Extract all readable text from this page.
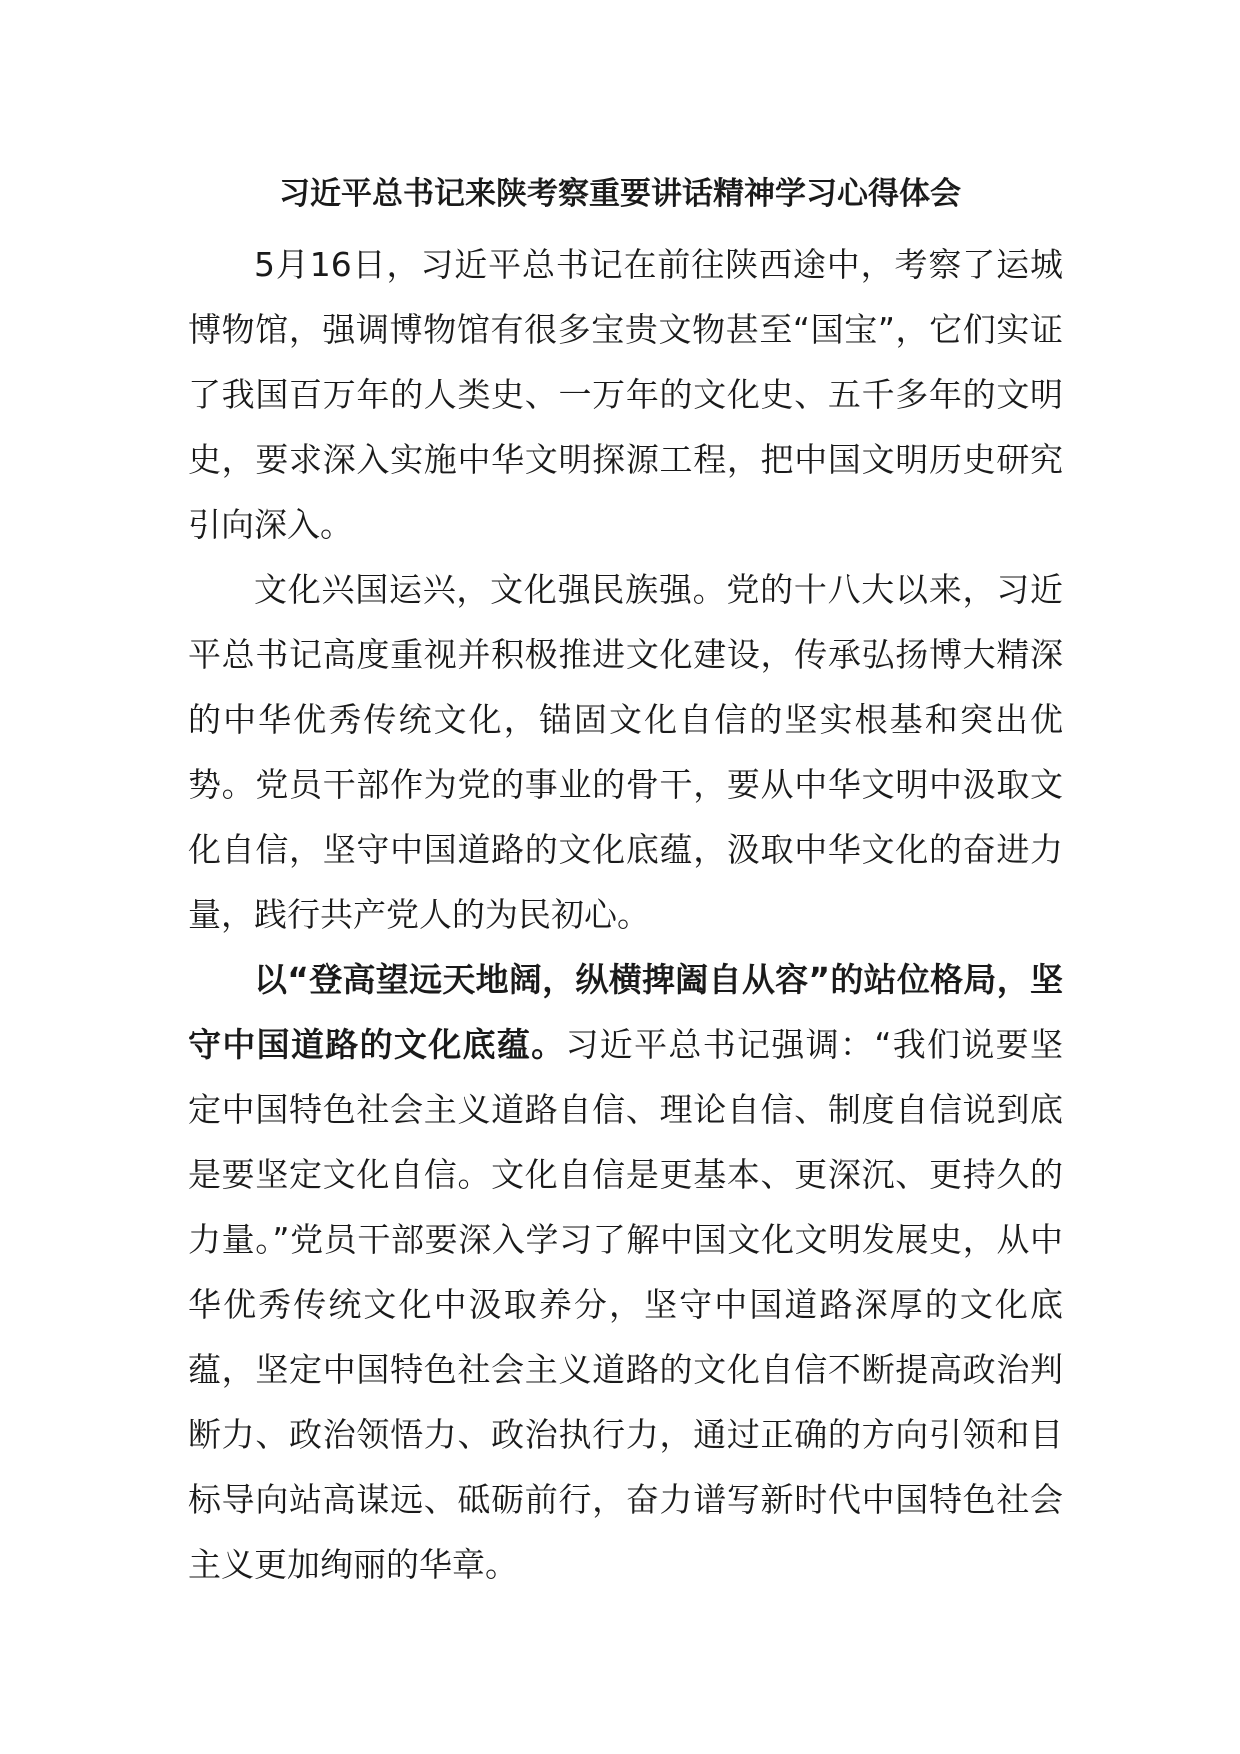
习近平总书记来陕考察重要讲话精神学习心得体会

5月16日，习近平总书记在前往陕西途中，考察了运城博物馆，强调博物馆有很多宝贵文物甚至“国宝”，它们实证了我国百万年的人类史、一万年的文化史、五千多年的文明史，要求深入实施中华文明探源工程，把中国文明历史研究引向深入。

文化兴国运兴，文化强民族强。党的十八大以来，习近平总书记高度重视并积极推进文化建设，传承弘扬博大精深的中华优秀传统文化，锚固文化自信的坚实根基和突出优势。党员干部作为党的事业的骨干，要从中华文明中汲取文化自信，坚守中国道路的文化底蕴，汲取中华文化的奋进力量，践行共产党人的为民初心。

以“登高望远天地阔，纵横捭阖自从容”的站位格局，坚守中国道路的文化底蕴。习近平总书记强调：“我们说要坚定中国特色社会主义道路自信、理论自信、制度自信说到底是要坚定文化自信。文化自信是更基本、更深沉、更持久的力量。”党员干部要深入学习了解中国文化文明发展史，从中华优秀传统文化中汲取养分，坚守中国道路深厚的文化底蕴，坚定中国特色社会主义道路的文化自信不断提高政治判断力、政治领悟力、政治执行力，通过正确的方向引领和目标导向站高谋远、砥砺前行，奋力谱写新时代中国特色社会主义更加绚丽的华章。
